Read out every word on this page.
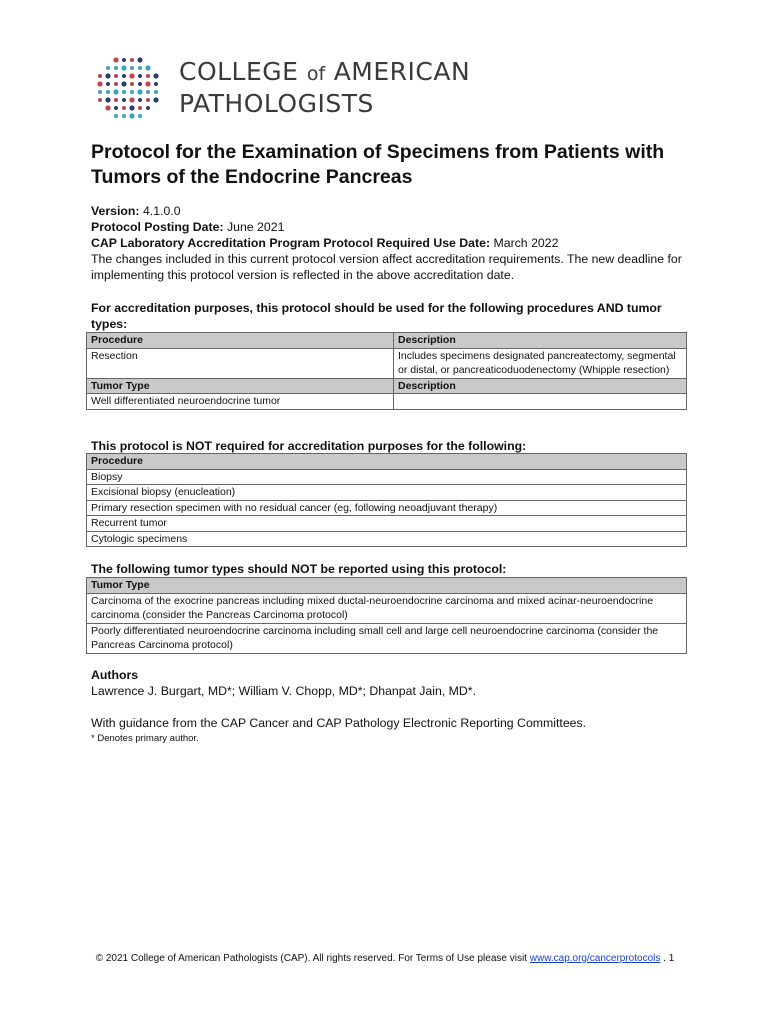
COLLEGE of AMERICAN
PATHOLOGISTS
Protocol for the Examination of Specimens from Patients with Tumors of the Endocrine Pancreas
Version: 4.1.0.0
Protocol Posting Date: June 2021
CAP Laboratory Accreditation Program Protocol Required Use Date: March 2022
The changes included in this current protocol version affect accreditation requirements. The new deadline for implementing this protocol version is reflected in the above accreditation date.
For accreditation purposes, this protocol should be used for the following procedures AND tumor types:
Procedure	Description
Resection	Includes specimens designated pancreatectomy, segmental or distal, or pancreaticoduodenectomy (Whipple resection)
Tumor Type	Description
Well differentiated neuroendocrine tumor	
This protocol is NOT required for accreditation purposes for the following:
Procedure
Biopsy
Excisional biopsy (enucleation)
Primary resection specimen with no residual cancer (eg, following neoadjuvant therapy)
Recurrent tumor
Cytologic specimens
The following tumor types should NOT be reported using this protocol:
Tumor Type
Carcinoma of the exocrine pancreas including mixed ductal-neuroendocrine carcinoma and mixed acinar-neuroendocrine carcinoma (consider the Pancreas Carcinoma protocol)
Poorly differentiated neuroendocrine carcinoma including small cell and large cell neuroendocrine carcinoma (consider the Pancreas Carcinoma protocol)
Authors
Lawrence J. Burgart, MD*; William V. Chopp, MD*; Dhanpat Jain, MD*.
With guidance from the CAP Cancer and CAP Pathology Electronic Reporting Committees.
* Denotes primary author.
© 2021 College of American Pathologists (CAP). All rights reserved. For Terms of Use please visit www.cap.org/cancerprotocols . 1
